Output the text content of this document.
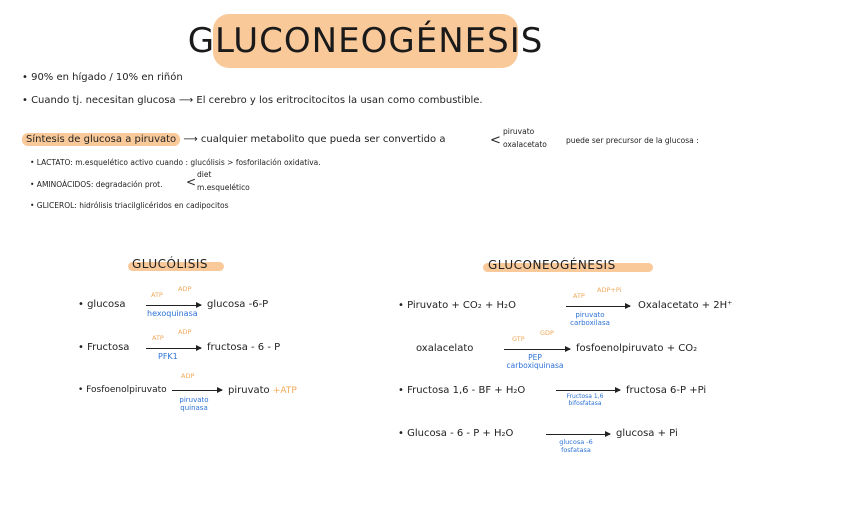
GLUCONEOGÉNESIS
• 90% en hígado / 10% en riñón
• Cuando tj. necesitan glucosa ⟶ El cerebro y los eritrocitocitos la usan como combustible.
Síntesis de glucosa a piruvato ⟶ cualquier metabolito que pueda ser convertido a	<
piruvato
oxalacetato	puede ser precursor de la glucosa :
• LACTATO: m.esquelético activo cuando : glucólisis > fosforilación oxidativa.
• AMINOÁCIDOS: degradación prot. <
diet
m.esquelético
• GLICEROL: hidrólisis triacilglicéridos en cadipocitos
GLUCÓLISIS
• glucosa
ATP
ADP
hexoquinasa
glucosa -6-P
• Fructosa
ATP
ADP
PFK1
fructosa - 6 - P
• Fosfoenolpiruvato
ADP
piruvato quinasa
piruvato +ATP
GLUCONEOGÉNESIS
• Piruvato + CO₂ + H₂O
ATP
ADP+Pi
piruvato carboxilasa
Oxalacetato + 2H⁺
oxalacelato
GTP
GDP
PEP carboxiquinasa
fosfoenolpiruvato + CO₂
• Fructosa 1,6 - BF + H₂O
Fructosa 1,6 bifosfatasa
fructosa 6-P +Pi
• Glucosa - 6 - P + H₂O
glucosa -6 fosfatasa
glucosa + Pi
